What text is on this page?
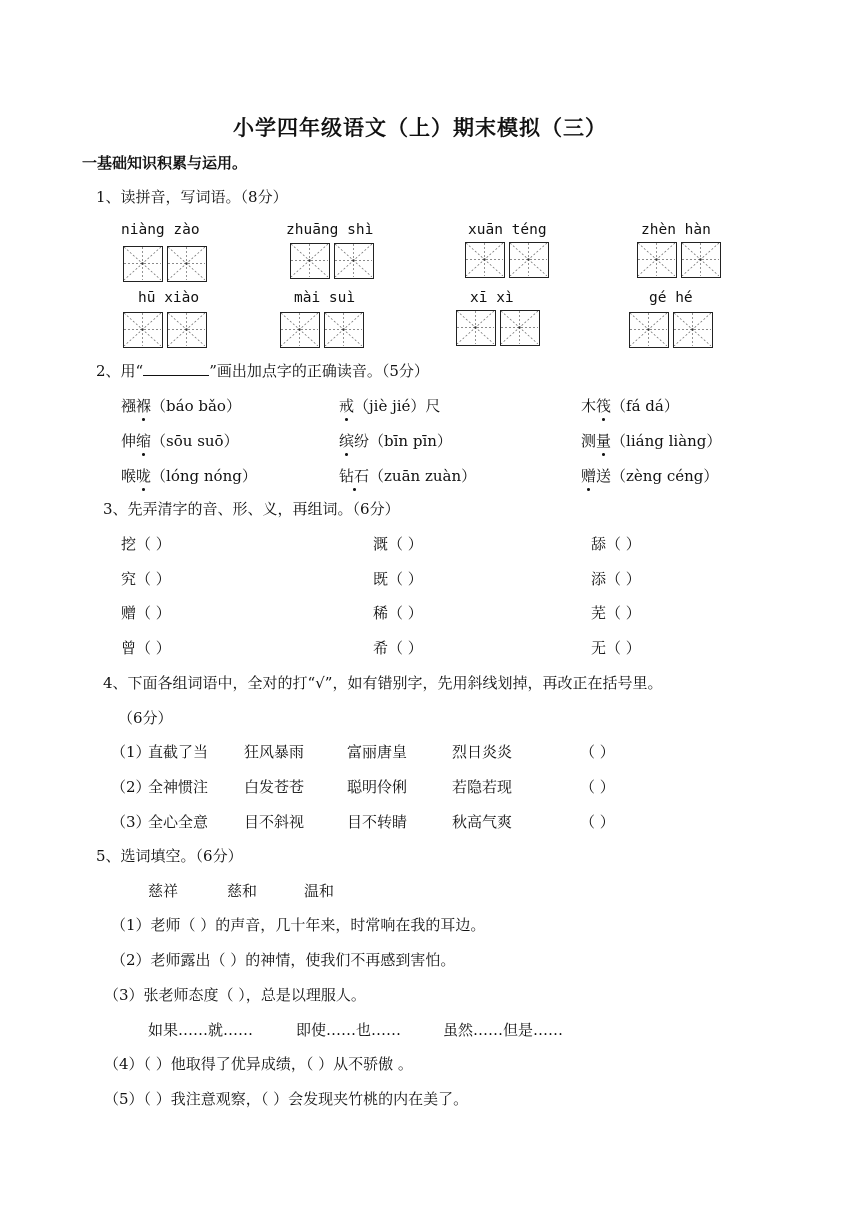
小学四年级语文（上）期末模拟（三）
一基础知识积累与运用。
1、读拼音，写词语。（8分）
niàng zào	zhuāng shì	xuān téng	zhèn hàn
hū xiào	mài suì	xī xì	gé hé
2、用“	”画出加点字的正确读音。（5分）
襁褓（báo bǎo）	戒（jiè jié）尺	木筏（fá dá）
伸缩（sōu suō）	缤纷（bīn pīn）	测量（liáng liàng）
喉咙（lóng nóng）	钻石（zuān zuàn）	赠送（zèng céng）
3、先弄清字的音、形、义，再组词。（6分）
挖（ ）	溉（ ）	舔（ ）
究（ ）	既（ ）	添（ ）
赠（ ）	稀（ ）	芜（ ）
曾（ ）	希（ ）	无（ ）
4、下面各组词语中，全对的打“√”，如有错别字，先用斜线划掉，再改正在括号里。
（6分）
（1）
直截了当 狂风暴雨	富丽唐皇	烈日炎炎	（ ）
（2）
全神惯注 白发苍苍	聪明伶俐	若隐若现	（ ）
（3）
全心全意 目不斜视	目不转睛	秋高气爽	（ ）
5、选词填空。（6分）
慈祥	慈和	温和
（1）老师（ ）的声音，几十年来，时常响在我的耳边。
（2）老师露出（ ）的神情，使我们不再感到害怕。
（3）张老师态度（ ），总是以理服人。
如果……就……	即使……也……	虽然……但是……
（4）（ ）他取得了优异成绩，（ ）从不骄傲 。
（5）（ ）我注意观察，（ ）会发现夹竹桃的内在美了。
